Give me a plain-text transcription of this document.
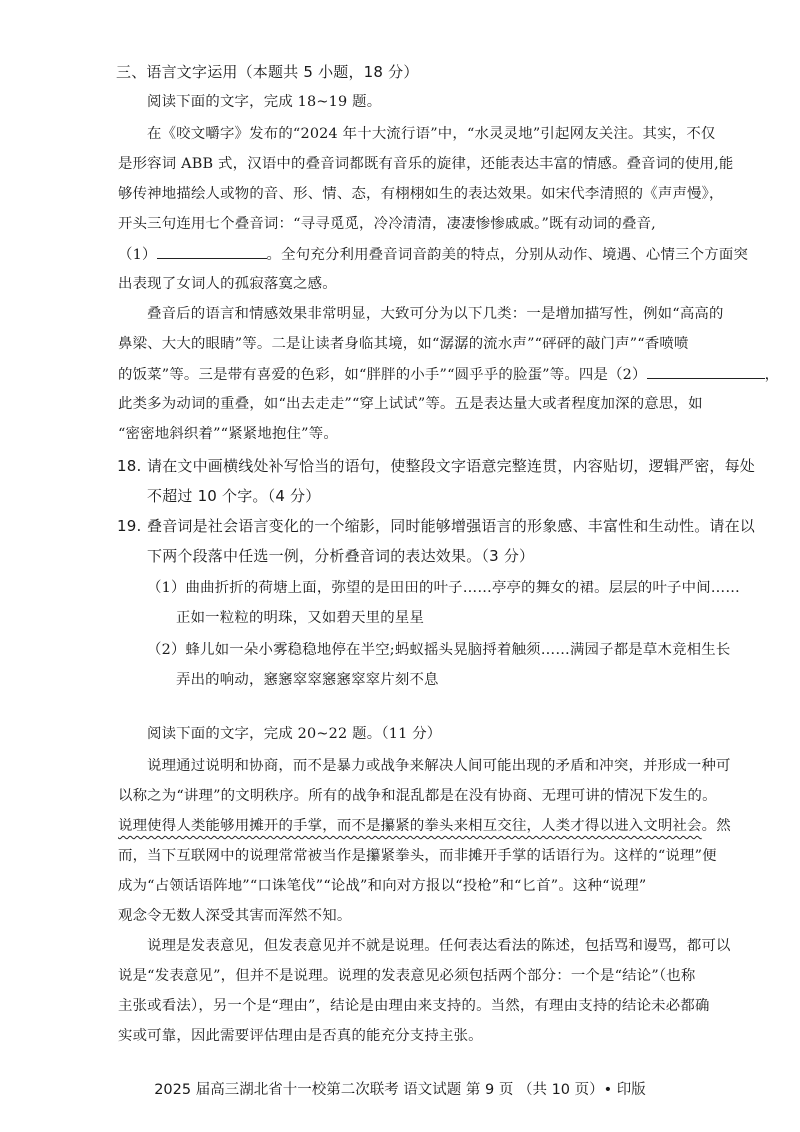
三、语言文字运用（本题共 5 小题，18 分）
阅读下面的文字，完成 18~19 题。
在《咬文嚼字》发布的“2024 年十大流行语”中，“水灵灵地”引起网友关注。其实，不仅
是形容词 ABB 式，汉语中的叠音词都既有音乐的旋律，还能表达丰富的情感。叠音词的使用,能
够传神地描绘人或物的音、形、情、态，有栩栩如生的表达效果。如宋代李清照的《声声慢》，
开头三句连用七个叠音词：“寻寻觅觅，冷冷清清，凄凄惨惨戚戚。”既有动词的叠音,
（1）	。全句充分利用叠音词音韵美的特点，分别从动作、境遇、心情三个方面突
出表现了女词人的孤寂落寞之感。
叠音后的语言和情感效果非常明显，大致可分为以下几类：一是增加描写性，例如“高高的
鼻梁、大大的眼睛”等。二是让读者身临其境，如“潺潺的流水声”“砰砰的敲门声”“香喷喷
的饭菜”等。三是带有喜爱的色彩，如“胖胖的小手”“圆乎乎的脸蛋”等。四是（2）	，
此类多为动词的重叠，如“出去走走”“穿上试试”等。五是表达量大或者程度加深的意思，如
“密密地斜织着”“紧紧地抱住”等。
18. 请在文中画横线处补写恰当的语句，使整段文字语意完整连贯，内容贴切，逻辑严密，每处
不超过 10 个字。（4 分）
19. 叠音词是社会语言变化的一个缩影，同时能够增强语言的形象感、丰富性和生动性。请在以
下两个段落中任选一例，分析叠音词的表达效果。（3 分）
（1）曲曲折折的荷塘上面，弥望的是田田的叶子……亭亭的舞女的裙。层层的叶子中间……
正如一粒粒的明珠，又如碧天里的星星
（2）蜂儿如一朵小雾稳稳地停在半空;蚂蚁摇头晃脑捋着触须……满园子都是草木竞相生长
弄出的响动，窸窸窣窣窸窸窣窣片刻不息
阅读下面的文字，完成 20~22 题。（11 分）
说理通过说明和协商，而不是暴力或战争来解决人间可能出现的矛盾和冲突，并形成一种可
以称之为“讲理”的文明秩序。所有的战争和混乱都是在没有协商、无理可讲的情况下发生的。
说理使得人类能够用摊开的手掌，而不是攥紧的拳头来相互交往，人类才得以进入文明社会。然
而，当下互联网中的说理常常被当作是攥紧拳头，而非摊开手掌的话语行为。这样的“说理”便
成为“占领话语阵地”“口诛笔伐”“论战”和向对方报以“投枪”和“匕首”。这种“说理”
观念令无数人深受其害而浑然不知。
说理是发表意见，但发表意见并不就是说理。任何表达看法的陈述，包括骂和谩骂，都可以
说是“发表意见”，但并不是说理。说理的发表意见必须包括两个部分：一个是“结论”（也称
主张或看法），另一个是“理由”，结论是由理由来支持的。当然，有理由支持的结论未必都确
实或可靠，因此需要评估理由是否真的能充分支持主张。
2025 届高三湖北省十一校第二次联考 语文试题 第 9 页 （共 10 页）• 印版
